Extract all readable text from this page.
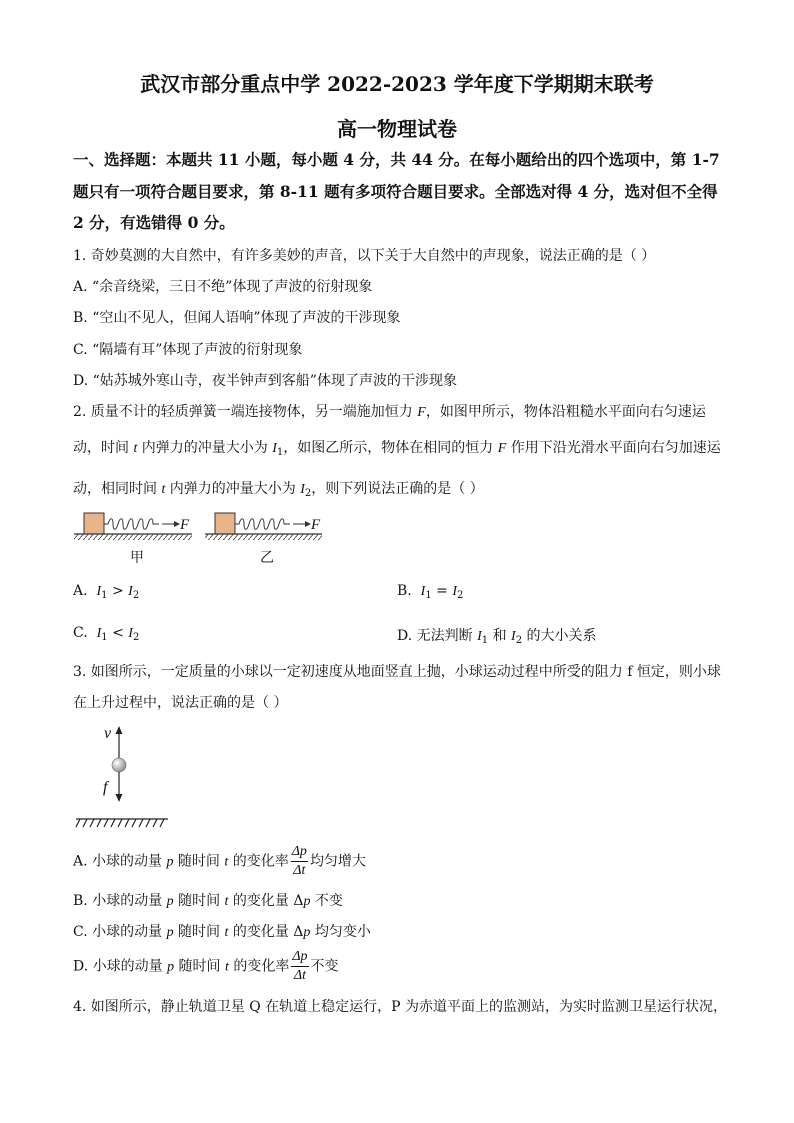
武汉市部分重点中学 2022-2023 学年度下学期期末联考
高一物理试卷
一、选择题：本题共 11 小题，每小题 4 分，共 44 分。在每小题给出的四个选项中，第 1-7
题只有一项符合题目要求，第 8-11 题有多项符合题目要求。全部选对得 4 分，选对但不全得
2 分，有选错得 0 分。
1. 奇妙莫测的大自然中，有许多美妙的声音，以下关于大自然中的声现象，说法正确的是（ ）
A. “余音绕梁，三日不绝”体现了声波的衍射现象
B. “空山不见人，但闻人语响”体现了声波的干涉现象
C. “隔墙有耳”体现了声波的衍射现象
D. “姑苏城外寒山寺，夜半钟声到客船”体现了声波的干涉现象
2. 质量不计的轻质弹簧一端连接物体，另一端施加恒力 F，如图甲所示，物体沿粗糙水平面向右匀速运
动，时间 t 内弹力的冲量大小为 $I_1$，如图乙所示，物体在相同的恒力 F 作用下沿光滑水平面向右匀加速运
动，相同时间 t 内弹力的冲量大小为 $I_2$，则下列说法正确的是（ ）
F	F
甲	乙
A. $I_1 > I_2$	B. $I_1 = I_2$
C. $I_1 < I_2$	D. 无法判断 $I_1$ 和 $I_2$ 的大小关系
3. 如图所示，一定质量的小球以一定初速度从地面竖直上抛，小球运动过程中所受的阻力 f 恒定，则小球
在上升过程中，说法正确的是（ ）
v
f
A. 小球的动量 p 随时间 t 的变化率 $\frac{\Delta p}{\Delta t}$ 均匀增大
B. 小球的动量 p 随时间 t 的变化量 Δp 不变
C. 小球的动量 p 随时间 t 的变化量 Δp 均匀变小
D. 小球的动量 p 随时间 t 的变化率 $\frac{\Delta p}{\Delta t}$ 不变
4. 如图所示，静止轨道卫星 Q 在轨道上稳定运行，P 为赤道平面上的监测站，为实时监测卫星运行状况，
